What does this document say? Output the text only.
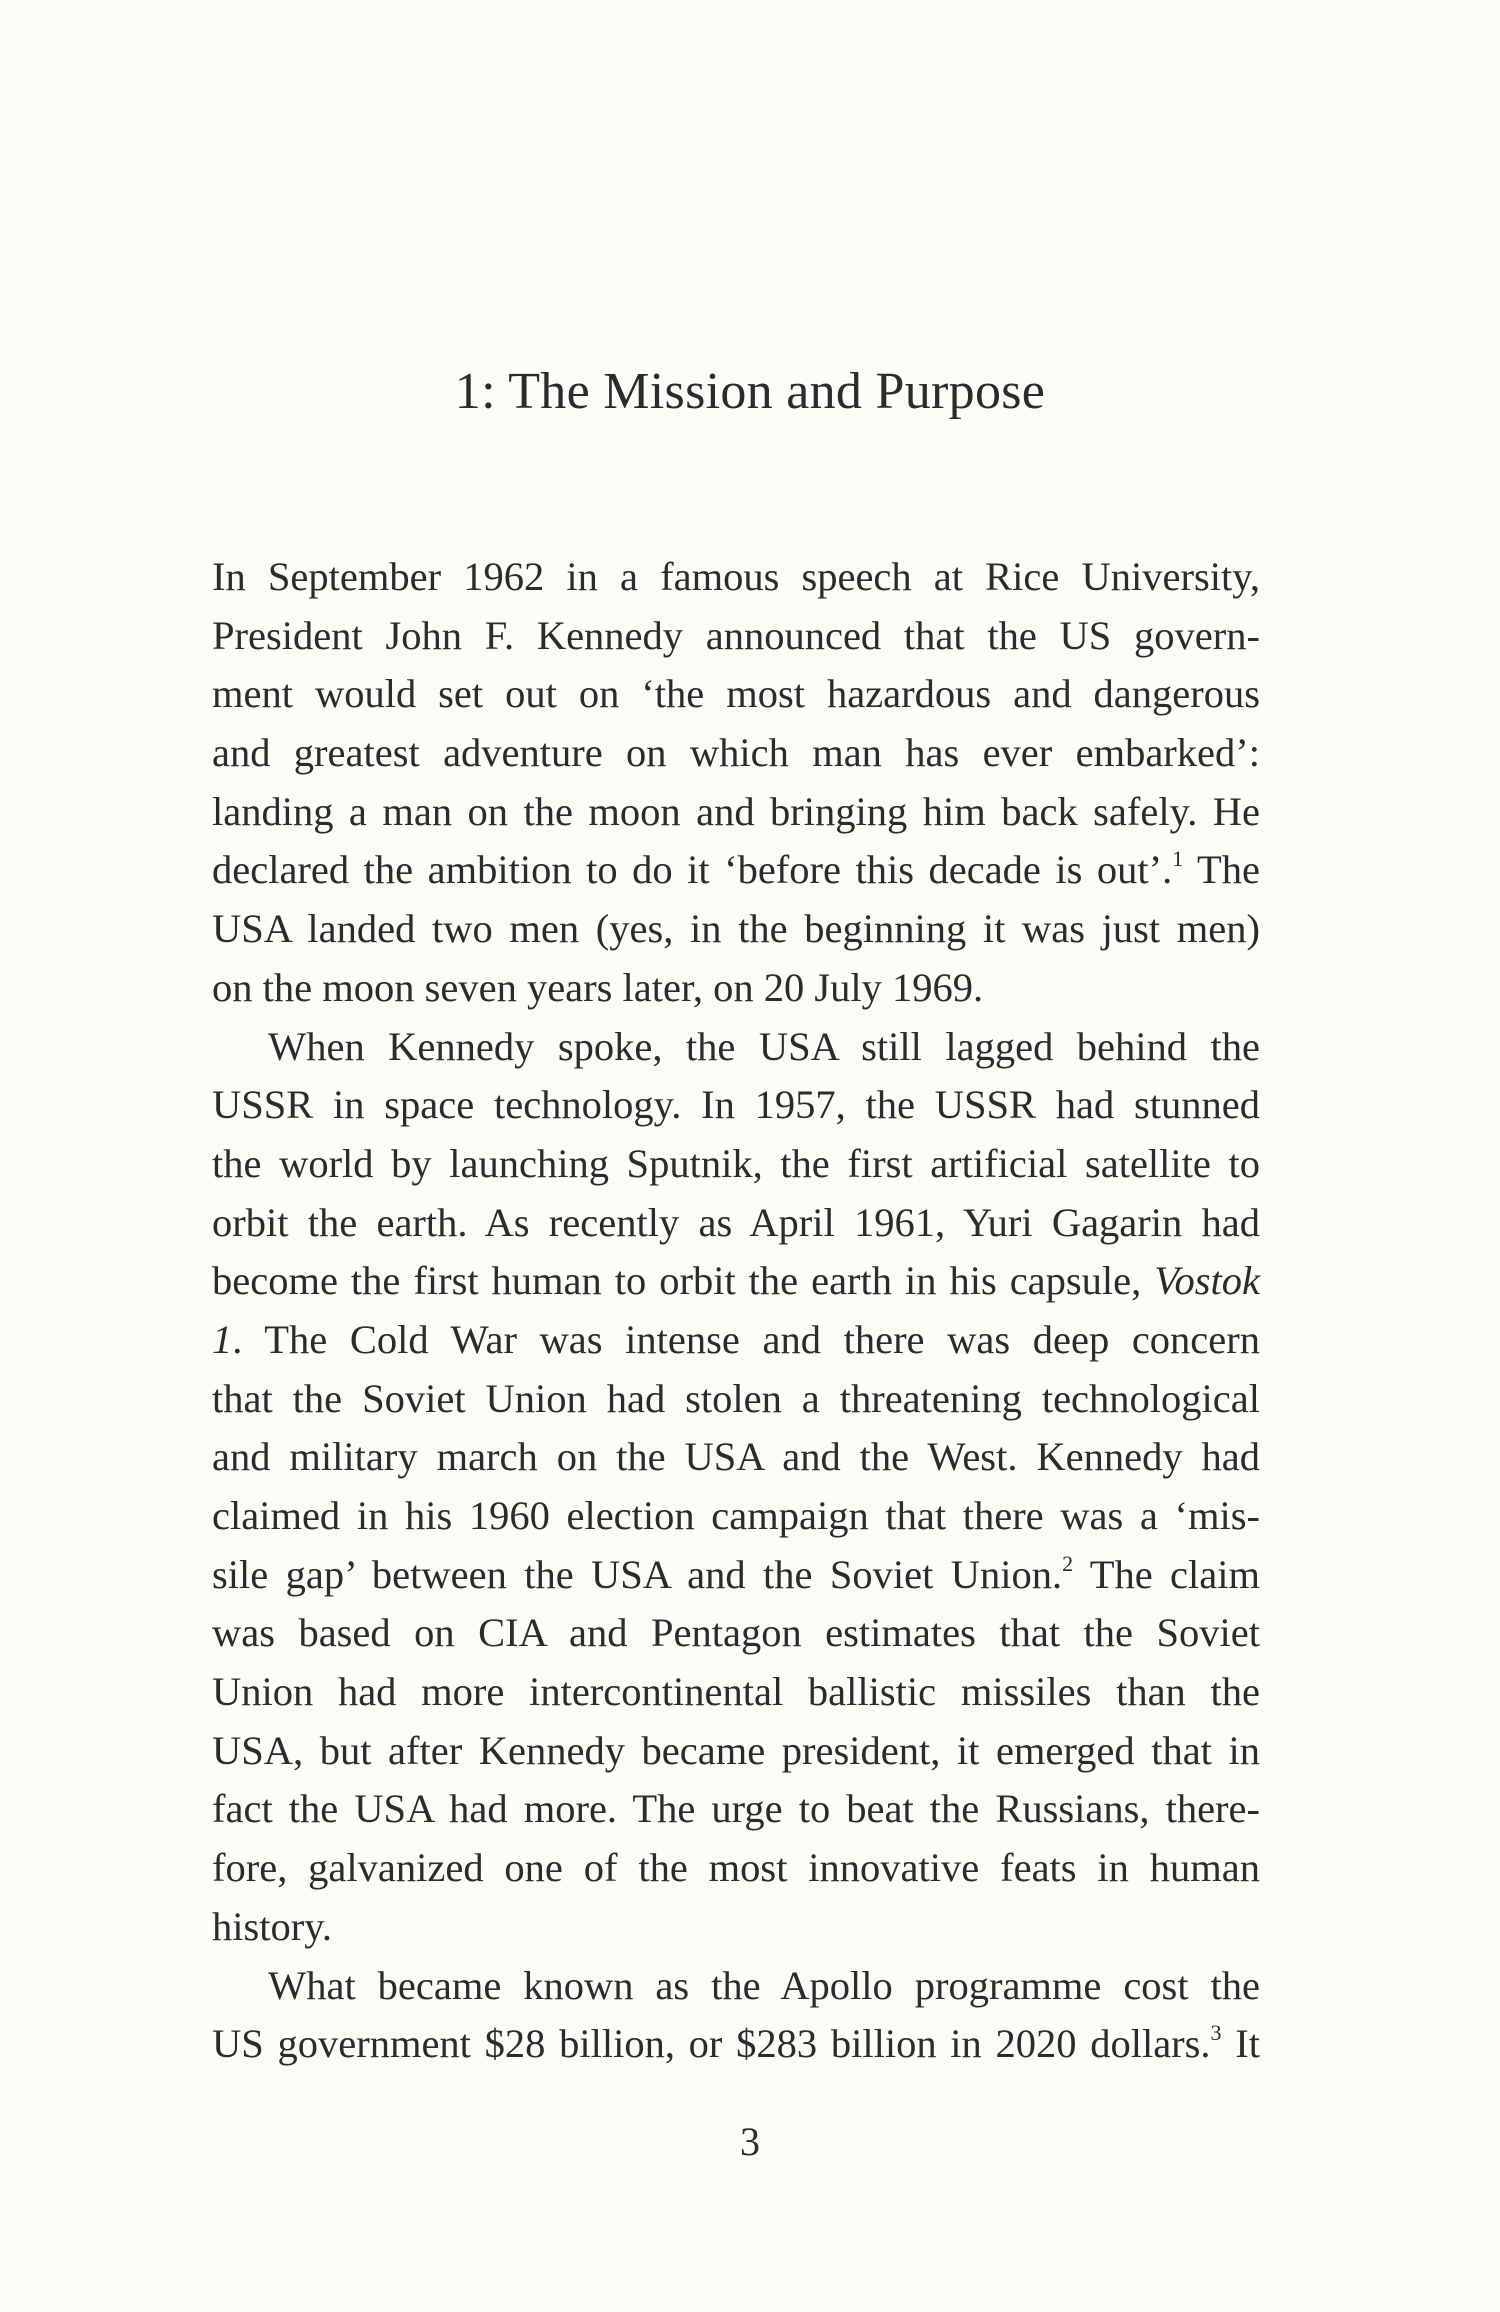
1: The Mission and Purpose
In September 1962 in a famous speech at Rice University,
President John F. Kennedy announced that the US govern-
ment would set out on ‘the most hazardous and dangerous
and greatest adventure on which man has ever embarked’:
landing a man on the moon and bringing him back safely. He
declared the ambition to do it ‘before this decade is out’.$^1$ The
USA landed two men (yes, in the beginning it was just men)
on the moon seven years later, on 20 July 1969.
When Kennedy spoke, the USA still lagged behind the
USSR in space technology. In 1957, the USSR had stunned
the world by launching Sputnik, the first artificial satellite to
orbit the earth. As recently as April 1961, Yuri Gagarin had
become the first human to orbit the earth in his capsule, Vostok
1. The Cold War was intense and there was deep concern
that the Soviet Union had stolen a threatening technological
and military march on the USA and the West. Kennedy had
claimed in his 1960 election campaign that there was a ‘mis-
sile gap’ between the USA and the Soviet Union.$^2$ The claim
was based on CIA and Pentagon estimates that the Soviet
Union had more intercontinental ballistic missiles than the
USA, but after Kennedy became president, it emerged that in
fact the USA had more. The urge to beat the Russians, there-
fore, galvanized one of the most innovative feats in human
history.
What became known as the Apollo programme cost the
US government $28 billion, or $283 billion in 2020 dollars.$^3$ It
3
